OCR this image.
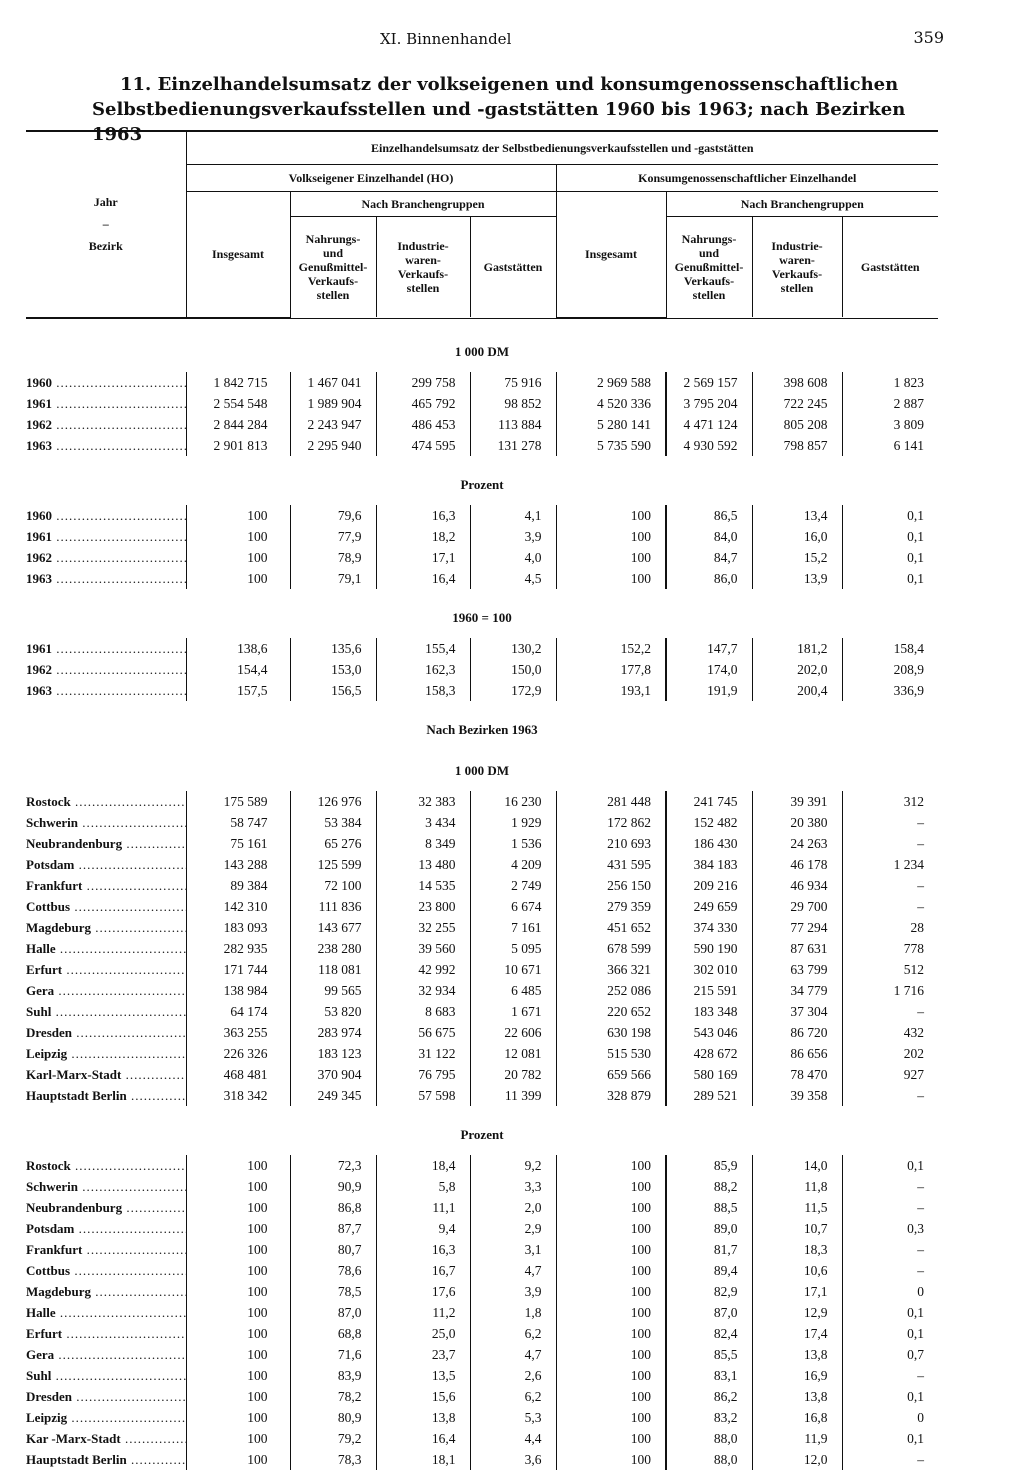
XI. Binnenhandel	359
11. Einzelhandelsumsatz der volkseigenen und konsumgenossenschaftlichen
Selbstbedienungsverkaufsstellen und -gaststätten 1960 bis 1963; nach Bezirken 1963
Jahr
–
Bezirk	Einzelhandelsumsatz der Selbstbedienungsverkaufsstellen und -gaststätten							
	Volkseigener Einzelhandel (HO)				Konsumgenossenschaftlicher Einzelhandel			
	Insgesamt	Nach Branchengruppen			Insgesamt	Nach Branchengruppen		
		Nahrungs-
und
Genußmittel-
Verkaufs-
stellen	Industrie-
waren-
Verkaufs-
stellen	Gaststätten		Nahrungs-
und
Genußmittel-
Verkaufs-
stellen	Industrie-
waren-
Verkaufs-
stellen	Gaststätten

1 000 DM								

1960 .....	1 842 715	1 467 041	299 758	75 916	2 969 588	2 569 157	398 608	1 823
1961 .....	2 554 548	1 989 904	465 792	98 852	4 520 336	3 795 204	722 245	2 887
1962 .....	2 844 284	2 243 947	486 453	113 884	5 280 141	4 471 124	805 208	3 809
1963 .....	2 901 813	2 295 940	474 595	131 278	5 735 590	4 930 592	798 857	6 141
Prozent								

1960 .....	100	79,6	16,3	4,1	100	86,5	13,4	0,1
1961 .....	100	77,9	18,2	3,9	100	84,0	16,0	0,1
1962 .....	100	78,9	17,1	4,0	100	84,7	15,2	0,1
1963 .....	100	79,1	16,4	4,5	100	86,0	13,9	0,1
1960 = 100								

1961 .....	138,6	135,6	155,4	130,2	152,2	147,7	181,2	158,4
1962 .....	154,4	153,0	162,3	150,0	177,8	174,0	202,0	208,9
1963 .....	157,5	156,5	158,3	172,9	193,1	191,9	200,4	336,9
Nach Bezirken 1963								
1 000 DM								

Rostock .....	175 589	126 976	32 383	16 230	281 448	241 745	39 391	312
Schwerin .....	58 747	53 384	3 434	1 929	172 862	152 482	20 380	–
Neubrandenburg .....	75 161	65 276	8 349	1 536	210 693	186 430	24 263	–
Potsdam .....	143 288	125 599	13 480	4 209	431 595	384 183	46 178	1 234
Frankfurt .....	89 384	72 100	14 535	2 749	256 150	209 216	46 934	–
Cottbus .....	142 310	111 836	23 800	6 674	279 359	249 659	29 700	–
Magdeburg .....	183 093	143 677	32 255	7 161	451 652	374 330	77 294	28
Halle .....	282 935	238 280	39 560	5 095	678 599	590 190	87 631	778
Erfurt .....	171 744	118 081	42 992	10 671	366 321	302 010	63 799	512
Gera .....	138 984	99 565	32 934	6 485	252 086	215 591	34 779	1 716
Suhl .....	64 174	53 820	8 683	1 671	220 652	183 348	37 304	–
Dresden .....	363 255	283 974	56 675	22 606	630 198	543 046	86 720	432
Leipzig .....	226 326	183 123	31 122	12 081	515 530	428 672	86 656	202
Karl-Marx-Stadt .....	468 481	370 904	76 795	20 782	659 566	580 169	78 470	927
Hauptstadt Berlin .....	318 342	249 345	57 598	11 399	328 879	289 521	39 358	–
Prozent								

Rostock .....	100	72,3	18,4	9,2	100	85,9	14,0	0,1
Schwerin .....	100	90,9	5,8	3,3	100	88,2	11,8	–
Neubrandenburg .....	100	86,8	11,1	2,0	100	88,5	11,5	–
Potsdam .....	100	87,7	9,4	2,9	100	89,0	10,7	0,3
Frankfurt .....	100	80,7	16,3	3,1	100	81,7	18,3	–
Cottbus .....	100	78,6	16,7	4,7	100	89,4	10,6	–
Magdeburg .....	100	78,5	17,6	3,9	100	82,9	17,1	0
Halle .....	100	87,0	11,2	1,8	100	87,0	12,9	0,1
Erfurt .....	100	68,8	25,0	6,2	100	82,4	17,4	0,1
Gera .....	100	71,6	23,7	4,7	100	85,5	13,8	0,7
Suhl .....	100	83,9	13,5	2,6	100	83,1	16,9	–
Dresden .....	100	78,2	15,6	6,2	100	86,2	13,8	0,1
Leipzig .....	100	80,9	13,8	5,3	100	83,2	16,8	0
Kar -Marx-Stadt .....	100	79,2	16,4	4,4	100	88,0	11,9	0,1
Hauptstadt Berlin .....	100	78,3	18,1	3,6	100	88,0	12,0	–
